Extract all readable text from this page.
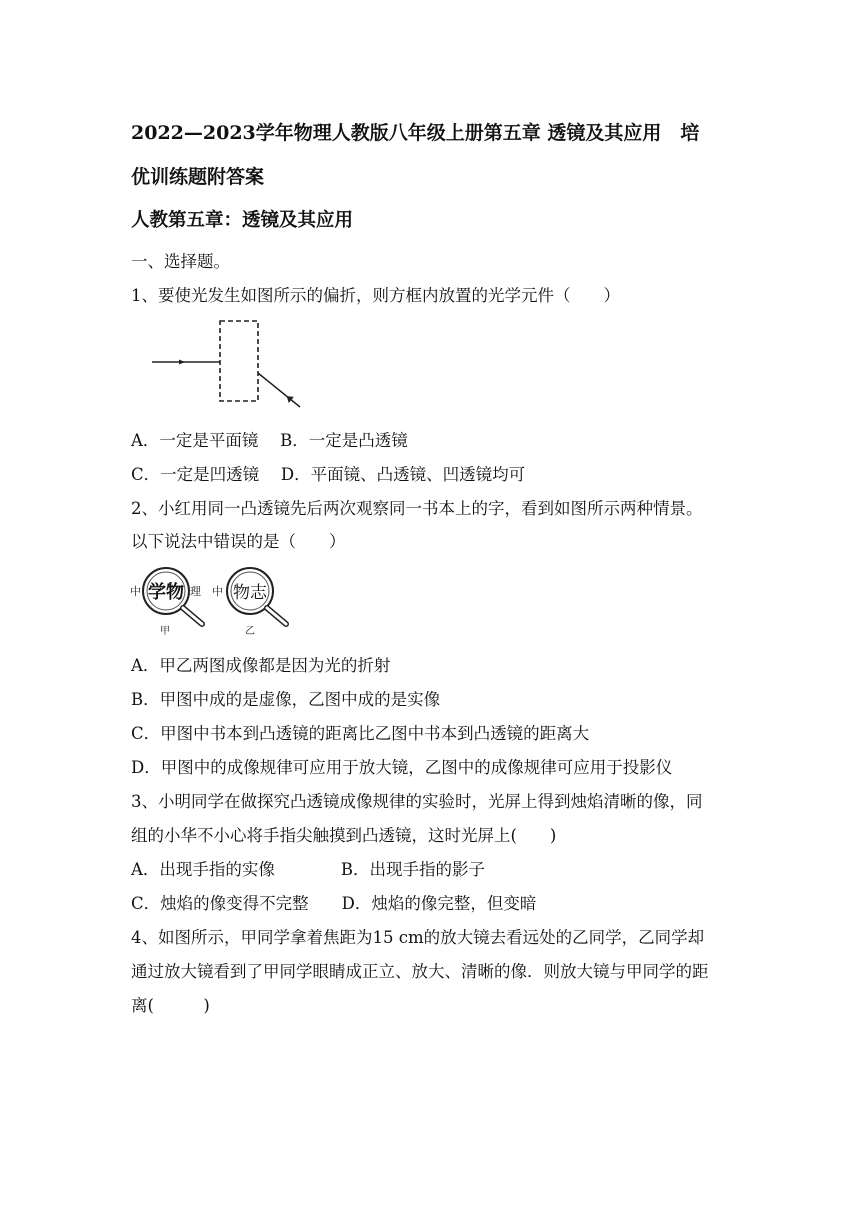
2022—2023学年物理人教版八年级上册第五章 透镜及其应用　培
优训练题附答案
人教第五章：透镜及其应用
一、选择题。
1、要使光发生如图所示的偏折，则方框内放置的光学元件（　　）
A．一定是平面镜　 B．一定是凸透镜
C．一定是凹透镜　 D．平面镜、凸透镜、凹透镜均可
2、小红用同一凸透镜先后两次观察同一书本上的字，看到如图所示两种情景。
以下说法中错误的是（　　）
中 学物 理
甲
中 物志
乙
A．甲乙两图成像都是因为光的折射
B．甲图中成的是虚像，乙图中成的是实像
C．甲图中书本到凸透镜的距离比乙图中书本到凸透镜的距离大
D．甲图中的成像规律可应用于放大镜，乙图中的成像规律可应用于投影仪
3、小明同学在做探究凸透镜成像规律的实验时，光屏上得到烛焰清晰的像，同
组的小华不小心将手指尖触摸到凸透镜，这时光屏上(　　)
A．出现手指的实像　　　　B．出现手指的影子
C．烛焰的像变得不完整　　D．烛焰的像完整，但变暗
4、如图所示，甲同学拿着焦距为15 cm的放大镜去看远处的乙同学，乙同学却
通过放大镜看到了甲同学眼睛成正立、放大、清晰的像．则放大镜与甲同学的距
离(　　　)
